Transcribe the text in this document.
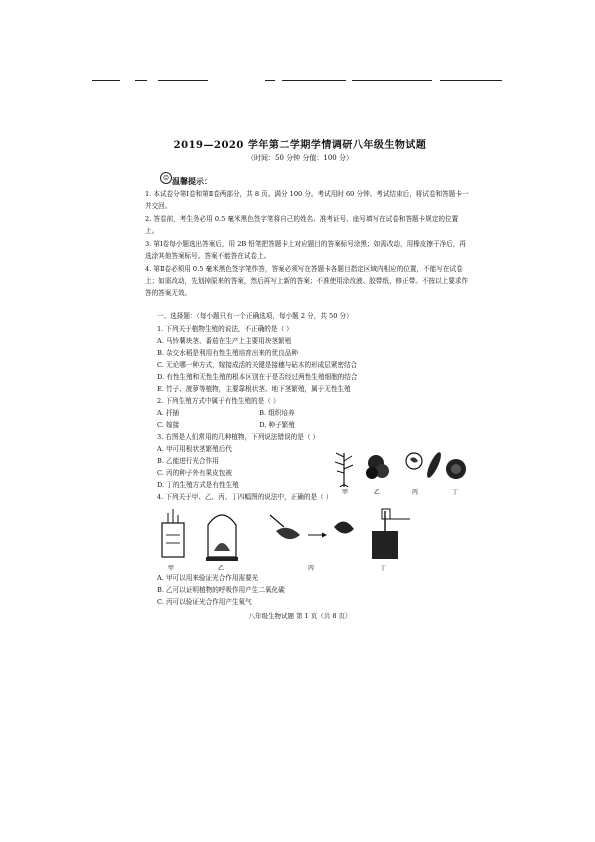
2019—2020 学年第二学期学情调研八年级生物试题
（时间：50 分钟 分值：100 分）
☺ 温馨提示：
1. 本试卷分第Ⅰ卷和第Ⅱ卷两部分，共 8 页。满分 100 分。考试用时 60 分钟。考试结束后，将试卷和答题卡一并交回。
2. 答卷前，考生务必用 0.5 毫米黑色签字笔将自己的姓名、准考证号、座号填写在试卷和答题卡规定的位置上。
3. 第Ⅰ卷每小题选出答案后，用 2B 铅笔把答题卡上对应题目的答案标号涂黑；如需改动，用橡皮擦干净后，再选涂其他答案标号。答案不能答在试卷上。
4. 第Ⅱ卷必须用 0.5 毫米黑色签字笔作答，答案必须写在答题卡各题目指定区域内相应的位置，不能写在试卷上；如需改动，先划掉原来的答案，然后再写上新的答案；不准使用涂改液、胶带纸、修正带。不按以上要求作答的答案无效。
一、选择题：（每小题只有一个正确选项，每小题 2 分，共 50 分）
1. 下列关于植物生殖的说法，不正确的是（ ）
A. 马铃薯块茎、番茄在生产上主要用块茎繁殖
B. 杂交水稻是利用有性生殖培育出来的优良品种
C. 无论哪一种方式，嫁接成活的关键是接穗与砧木的形成层紧密结合
D. 有性生殖和无性生殖的根本区别在于是否经过两性生殖细胞的结合
E. 竹子、菠萝等植物，主要靠根状茎、地下茎繁殖，属于无性生殖
2. 下列生殖方式中属于有性生殖的是（ ）
A. 扦插	B. 组织培养
C. 嫁接	D. 种子繁殖
3. 右图是人们常用的几种植物，下列说法错误的是（ ）
A. 甲可用根状茎繁殖后代
B. 乙能进行光合作用
C. 丙的种子外有果皮包被
D. 丁的生殖方式是有性生殖
甲	乙	丙	丁
4. 下列关于甲、乙、丙、丁四幅图的说法中，正确的是（ ）
甲	乙	丙	丁
A. 甲可以用来验证光合作用需要光
B. 乙可以证明植物的呼吸作用产生二氧化碳
C. 丙可以验证光合作用产生氧气
八年级生物试题 第 1 页（共 8 页）
